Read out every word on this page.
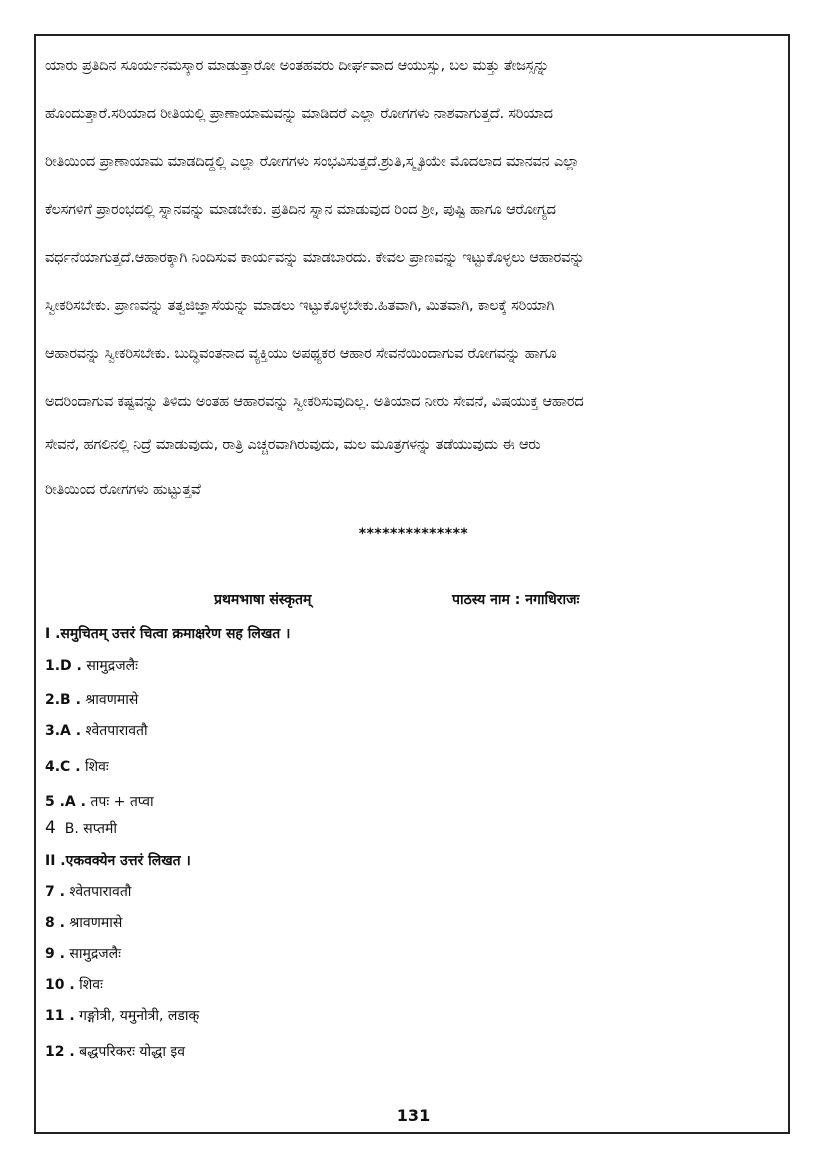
ಯಾರು ಪ್ರತಿದಿನ ಸೂರ್ಯನಮಸ್ಕಾರ ಮಾಡುತ್ತಾರೋ ಅಂತಹವರು ದೀರ್ಘವಾದ ಆಯುಸ್ಸು, ಬಲ ಮತ್ತು ತೇಜಸ್ಸನ್ನು
ಹೊಂದುತ್ತಾರೆ.ಸರಿಯಾದ ರೀತಿಯಲ್ಲಿ ಪ್ರಾಣಾಯಾಮವನ್ನು ಮಾಡಿದರೆ ಎಲ್ಲಾ ರೋಗಗಳು ನಾಶವಾಗುತ್ತದೆ. ಸರಿಯಾದ
ರೀತಿಯಿಂದ ಪ್ರಾಣಾಯಾಮ ಮಾಡದಿದ್ದಲ್ಲಿ ಎಲ್ಲಾ ರೋಗಗಳು ಸಂಭವಿಸುತ್ತದೆ.ಶ್ರುತಿ,ಸ್ಮೃತಿಯೇ ಮೊದಲಾದ ಮಾನವನ ಎಲ್ಲಾ
ಕೆಲಸಗಳಿಗೆ ಪ್ರಾರಂಭದಲ್ಲಿ ಸ್ನಾನವನ್ನು ಮಾಡಬೇಕು. ಪ್ರತಿದಿನ ಸ್ನಾನ ಮಾಡುವುದ ರಿಂದ ಶ್ರೀ, ಪುಷ್ಟಿ ಹಾಗೂ ಆರೋಗ್ಯದ
ವರ್ಧನೆಯಾಗುತ್ತದೆ.ಆಹಾರಕ್ಕಾಗಿ ನಿಂದಿಸುವ ಕಾರ್ಯವನ್ನು ಮಾಡಬಾರದು. ಕೇವಲ ಪ್ರಾಣವನ್ನು ಇಟ್ಟುಕೊಳ್ಳಲು ಆಹಾರವನ್ನು
ಸ್ವೀಕರಿಸಬೇಕು. ಪ್ರಾಣವನ್ನು ತತ್ವಜಿಜ್ಞಾಸೆಯನ್ನು ಮಾಡಲು ಇಟ್ಟುಕೊಳ್ಳಬೇಕು.ಹಿತವಾಗಿ, ಮಿತವಾಗಿ, ಕಾಲಕ್ಕೆ ಸರಿಯಾಗಿ
ಆಹಾರವನ್ನು ಸ್ವೀಕರಿಸಬೇಕು. ಬುದ್ಧಿವಂತನಾದ ವ್ಯಕ್ತಿಯು ಅಪಥ್ಯಕರ ಆಹಾರ ಸೇವನೆಯಿಂದಾಗುವ ರೋಗವನ್ನು ಹಾಗೂ
ಅದರಿಂದಾಗುವ ಕಷ್ಟವನ್ನು ತಿಳಿದು ಅಂತಹ ಆಹಾರವನ್ನು ಸ್ವೀಕರಿಸುವುದಿಲ್ಲ. ಅತಿಯಾದ ನೀರು ಸೇವನೆ, ವಿಷಯುಕ್ತ ಆಹಾರದ
ಸೇವನೆ, ಹಗಲಿನಲ್ಲಿ ನಿದ್ರೆ ಮಾಡುವುದು, ರಾತ್ರಿ ಎಚ್ಚರವಾಗಿರುವುದು, ಮಲ ಮೂತ್ರಗಳನ್ನು ತಡೆಯುವುದು ಈ ಆರು
ರೀತಿಯಿಂದ ರೋಗಗಳು ಹುಟ್ಟುತ್ತವೆ
**************
प्रथमभाषा संस्कृतम्	पाठस्य नाम : नगाधिराजः
I .समुचितम् उत्तरं चित्वा क्रमाक्षरेण सह लिखत ।
1.D . सामुद्रजलैः
2.B . श्रावणमासे
3.A . श्वेतपारावतौ
4.C . शिवः
5 .A . तपः + तप्वा
4 B. सप्तमी
II .एकवक्येन उत्तरं लिखत ।
7 . श्वेतपारावतौ
8 . श्रावणमासे
9 . सामुद्रजलैः
10 . शिवः
11 . गङ्गोत्री, यमुनोत्री, लडाक्
12 . बद्धपरिकरः योद्धा इव
131
